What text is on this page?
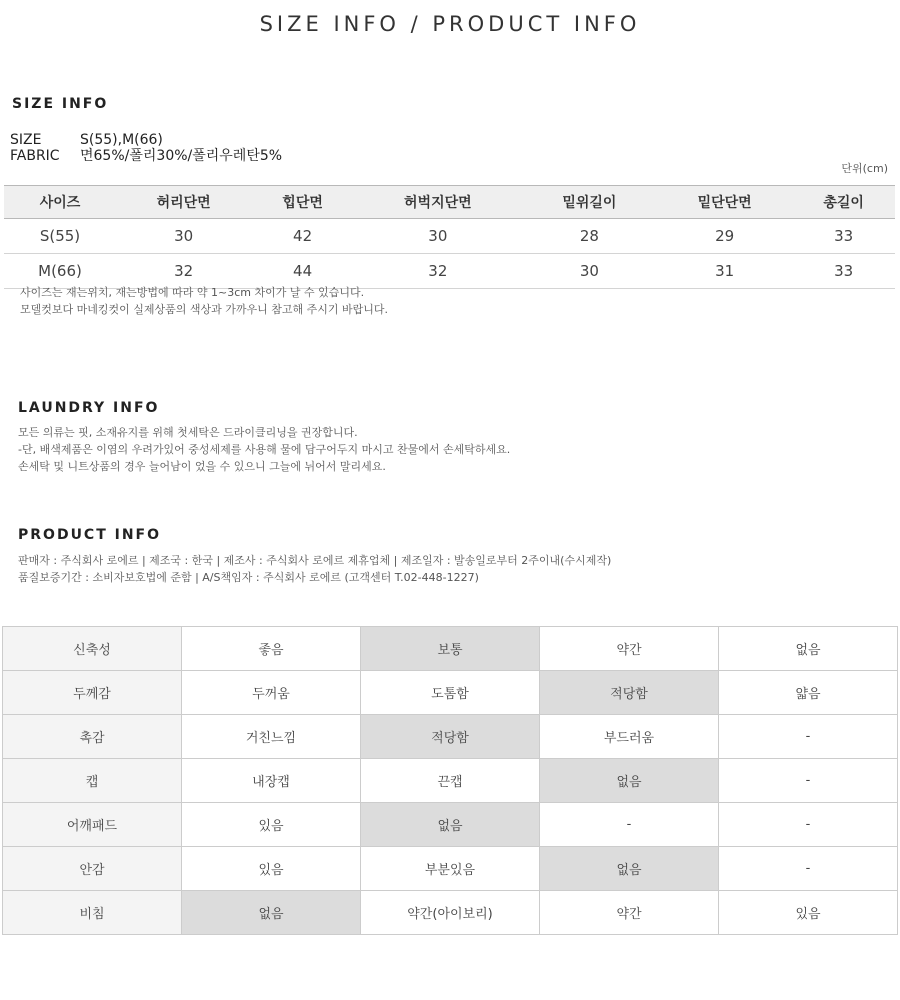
SIZE INFO / PRODUCT INFO
SIZE INFO
SIZE	S(55),M(66)
FABRIC	면65%/폴리30%/폴리우레탄5%
단위(cm)
사이즈	허리단면	힙단면	허벅지단면	밑위길이	밑단단면	총길이
S(55)	30	42	30	28	29	33
M(66)	32	44	32	30	31	33
사이즈는 재는위치, 재는방법에 따라 약 1~3cm 차이가 날 수 있습니다.
모델컷보다 마네킹컷이 실제상품의 색상과 가까우니 참고해 주시기 바랍니다.
LAUNDRY INFO
모든 의류는 핏, 소재유지를 위해 첫세탁은 드라이클리닝을 권장합니다.
-단, 배색제품은 이염의 우려가있어 중성세제를 사용해 물에 담구어두지 마시고 찬물에서 손세탁하세요.
손세탁 및 니트상품의 경우 늘어남이 었을 수 있으니 그늘에 뉘어서 말리세요.
PRODUCT INFO
판매자 : 주식회사 로에르 | 제조국 : 한국 | 제조사 : 주식회사 로에르 제휴업체 | 제조일자 : 발송일로부터 2주이내(수시제작)
품질보증기간 : 소비자보호법에 준함 | A/S책임자 : 주식회사 로에르 (고객센터 T.02-448-1227)
신축성	좋음	보통	약간	없음
두께감	두꺼움	도톰함	적당함	얇음
촉감	거친느낌	적당함	부드러움	-
캡	내장캡	끈캡	없음	-
어깨패드	있음	없음	-	-
안감	있음	부분있음	없음	-
비침	없음	약간(아이보리)	약간	있음
